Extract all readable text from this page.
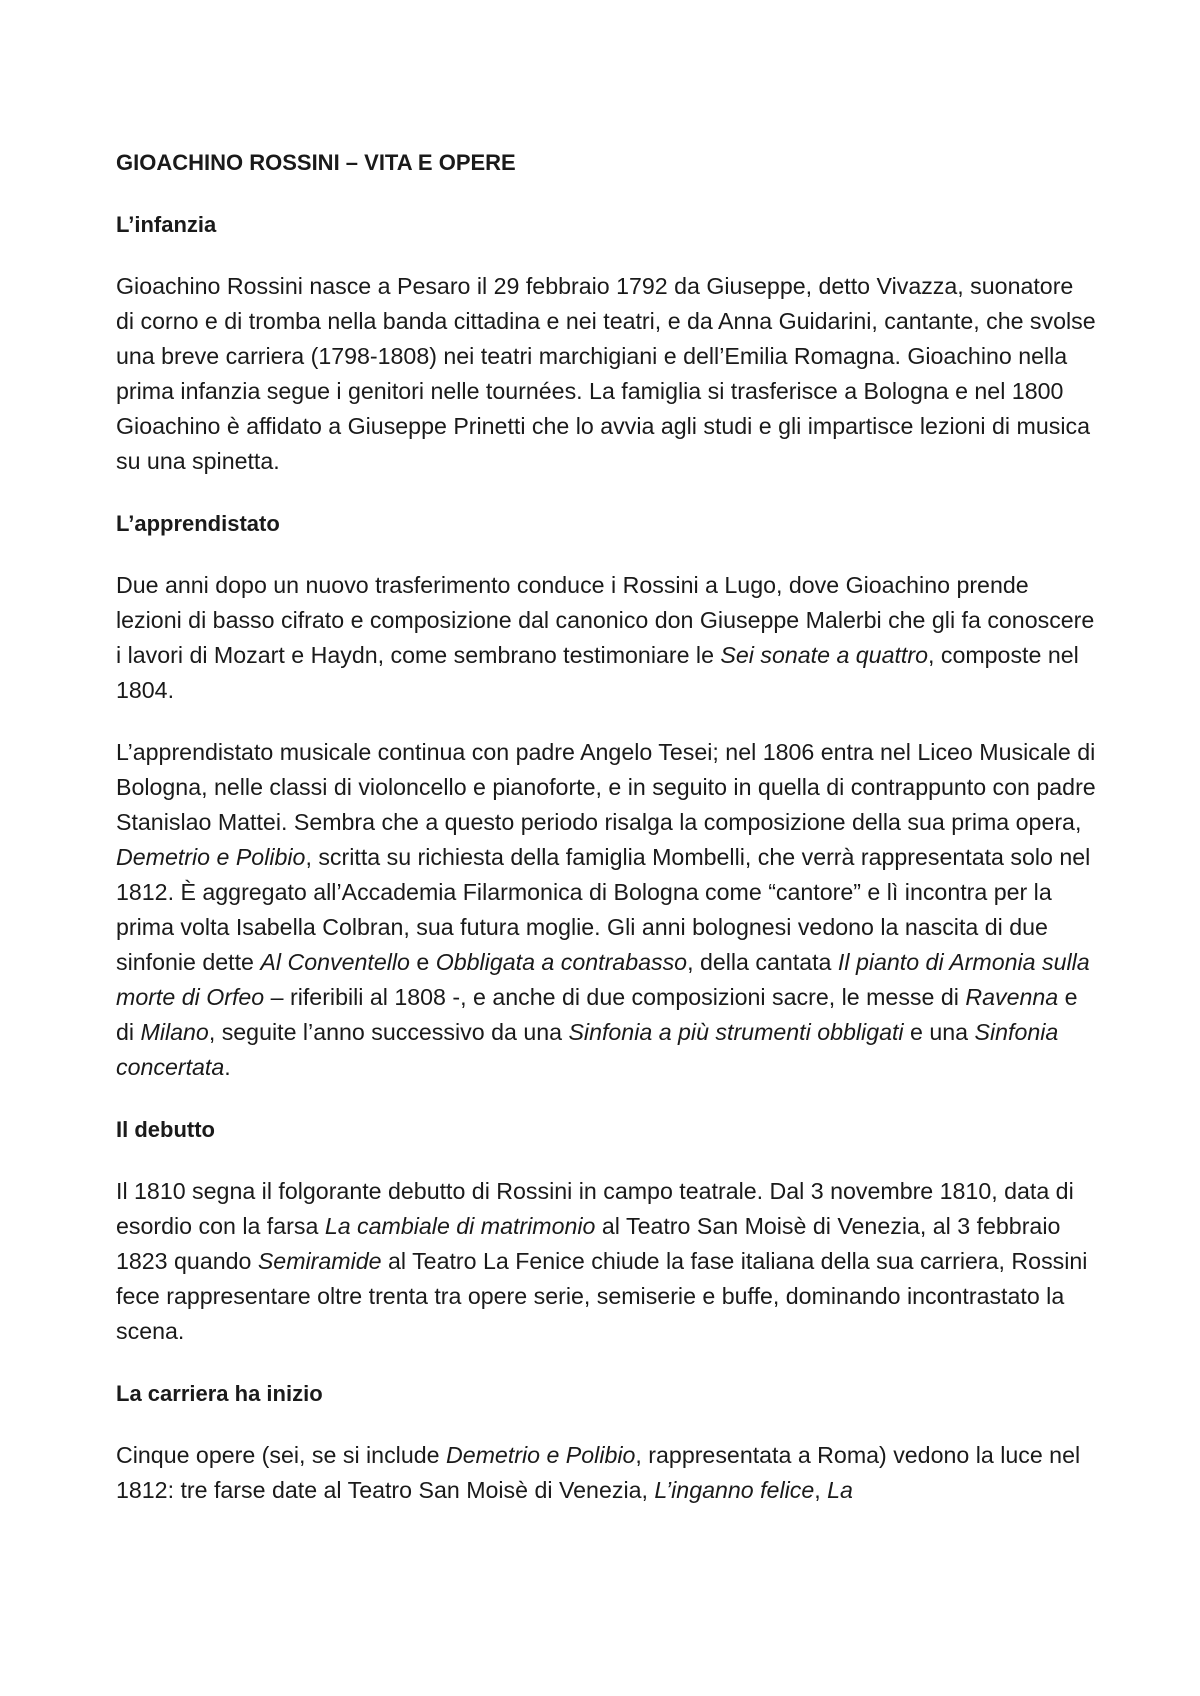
GIOACHINO ROSSINI – VITA E OPERE
L’infanzia
Gioachino Rossini nasce a Pesaro il 29 febbraio 1792 da Giuseppe, detto Vivazza, suonatore di corno e di tromba nella banda cittadina e nei teatri, e da Anna Guidarini, cantante, che svolse una breve carriera (1798-1808) nei teatri marchigiani e dell’Emilia Romagna. Gioachino nella prima infanzia segue i genitori nelle tournées. La famiglia si trasferisce a Bologna e nel 1800 Gioachino è affidato a Giuseppe Prinetti che lo avvia agli studi e gli impartisce lezioni di musica su una spinetta.
L’apprendistato
Due anni dopo un nuovo trasferimento conduce i Rossini a Lugo, dove Gioachino prende lezioni di basso cifrato e composizione dal canonico don Giuseppe Malerbi che gli fa conoscere i lavori di Mozart e Haydn, come sembrano testimoniare le Sei sonate a quattro, composte nel 1804.
L’apprendistato musicale continua con padre Angelo Tesei; nel 1806 entra nel Liceo Musicale di Bologna, nelle classi di violoncello e pianoforte, e in seguito in quella di contrappunto con padre Stanislao Mattei. Sembra che a questo periodo risalga la composizione della sua prima opera, Demetrio e Polibio, scritta su richiesta della famiglia Mombelli, che verrà rappresentata solo nel 1812. È aggregato all’Accademia Filarmonica di Bologna come “cantore” e lì incontra per la prima volta Isabella Colbran, sua futura moglie. Gli anni bolognesi vedono la nascita di due sinfonie dette Al Conventello e Obbligata a contrabasso, della cantata Il pianto di Armonia sulla morte di Orfeo – riferibili al 1808 -, e anche di due composizioni sacre, le messe di Ravenna e di Milano, seguite l’anno successivo da una Sinfonia a più strumenti obbligati e una Sinfonia concertata.
Il debutto
Il 1810 segna il folgorante debutto di Rossini in campo teatrale. Dal 3 novembre 1810, data di esordio con la farsa La cambiale di matrimonio al Teatro San Moisè di Venezia, al 3 febbraio 1823 quando Semiramide al Teatro La Fenice chiude la fase italiana della sua carriera, Rossini fece rappresentare oltre trenta tra opere serie, semiserie e buffe, dominando incontrastato la scena.
La carriera ha inizio
Cinque opere (sei, se si include Demetrio e Polibio, rappresentata a Roma) vedono la luce nel 1812: tre farse date al Teatro San Moisè di Venezia, L’inganno felice, La
